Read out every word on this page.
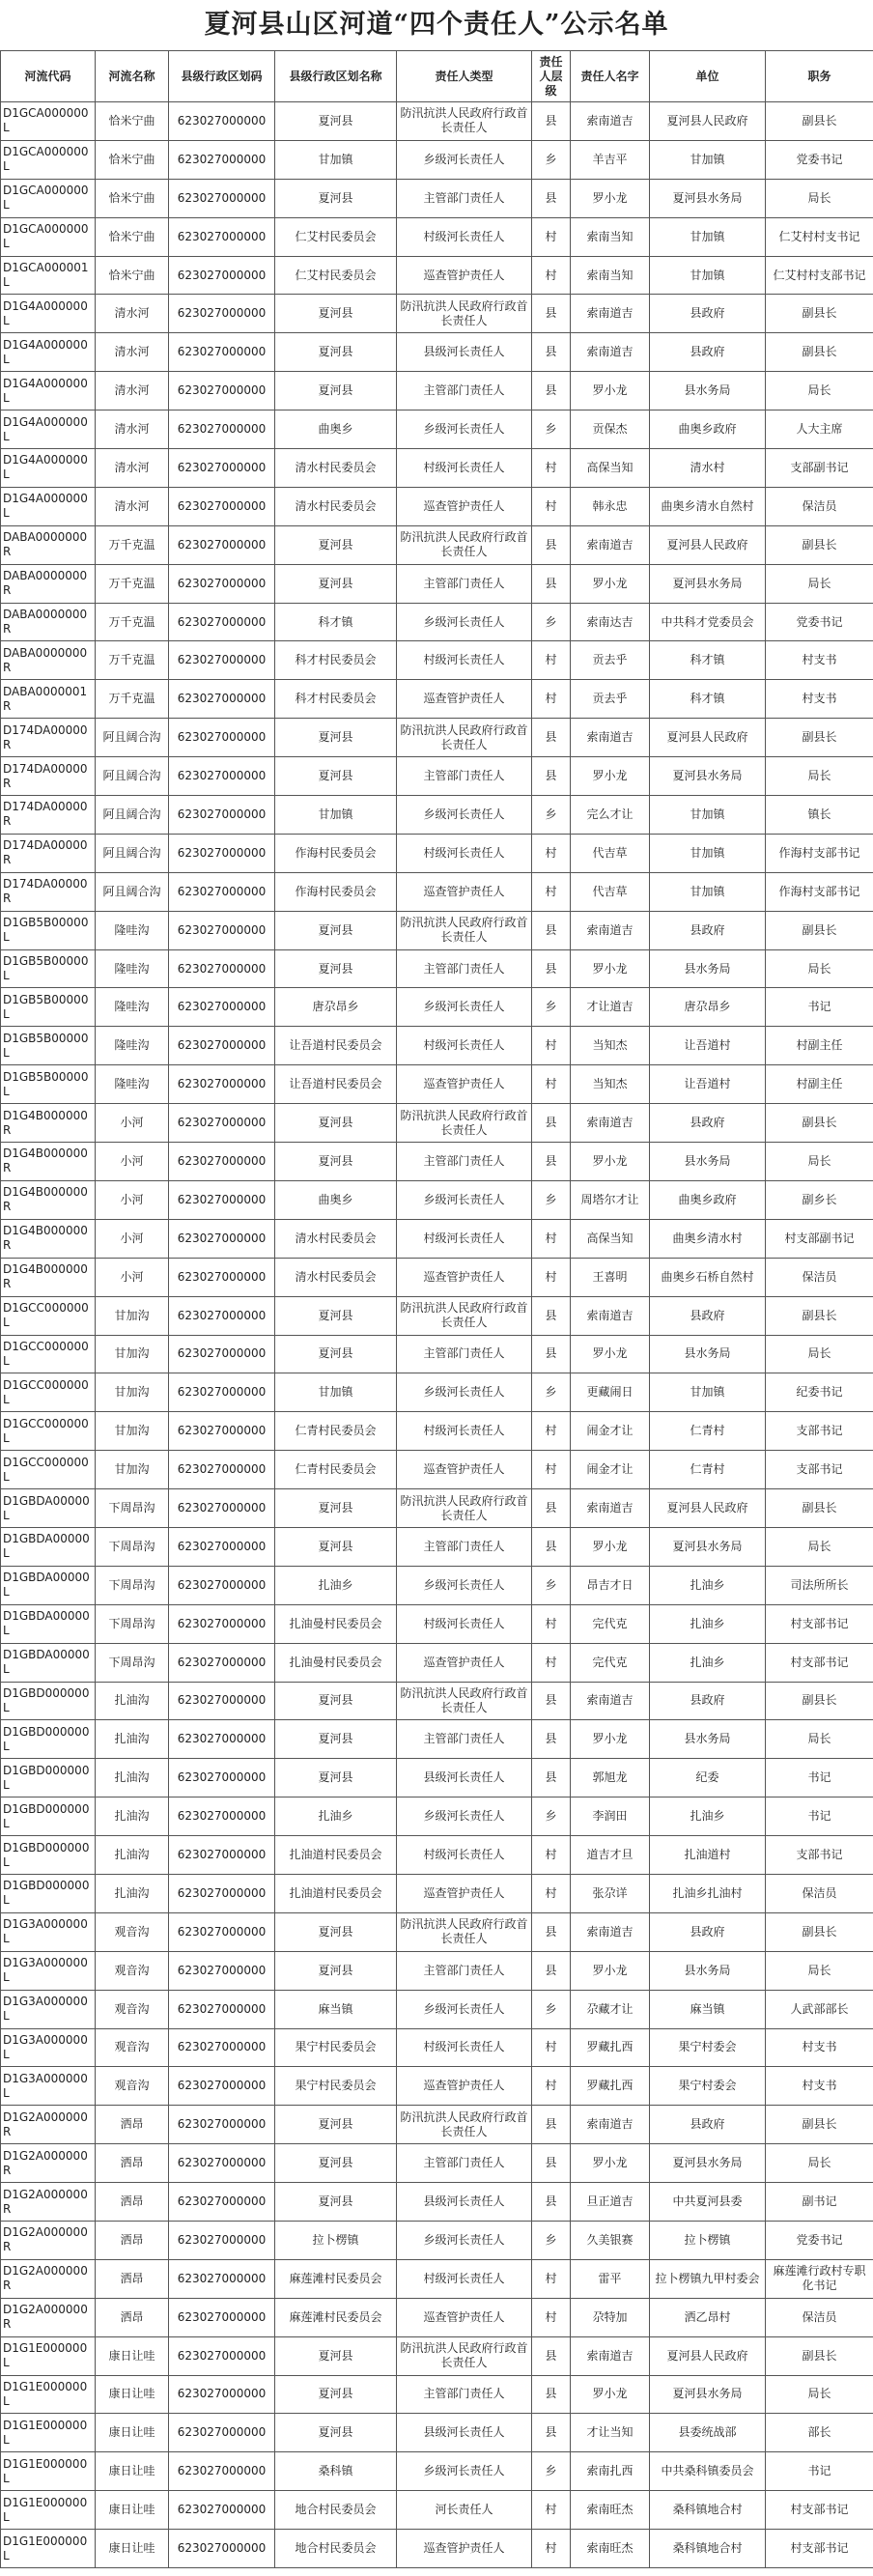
夏河县山区河道“四个责任人”公示名单
河流代码	河流名称	县级行政区划码	县级行政区划名称	责任人类型	责任人层级	责任人名字	单位	职务
D1GCA000000L	恰米宁曲	623027000000	夏河县	防汛抗洪人民政府行政首长责任人	县	索南道吉	夏河县人民政府	副县长
D1GCA000000L	恰米宁曲	623027000000	甘加镇	乡级河长责任人	乡	羊吉平	甘加镇	党委书记
D1GCA000000L	恰米宁曲	623027000000	夏河县	主管部门责任人	县	罗小龙	夏河县水务局	局长
D1GCA000000L	恰米宁曲	623027000000	仁艾村民委员会	村级河长责任人	村	索南当知	甘加镇	仁艾村村支书记
D1GCA000001L	恰米宁曲	623027000000	仁艾村民委员会	巡查管护责任人	村	索南当知	甘加镇	仁艾村村支部书记
D1G4A000000L	清水河	623027000000	夏河县	防汛抗洪人民政府行政首长责任人	县	索南道吉	县政府	副县长
D1G4A000000L	清水河	623027000000	夏河县	县级河长责任人	县	索南道吉	县政府	副县长
D1G4A000000L	清水河	623027000000	夏河县	主管部门责任人	县	罗小龙	县水务局	局长
D1G4A000000L	清水河	623027000000	曲奥乡	乡级河长责任人	乡	贡保杰	曲奥乡政府	人大主席
D1G4A000000L	清水河	623027000000	清水村民委员会	村级河长责任人	村	高保当知	清水村	支部副书记
D1G4A000000L	清水河	623027000000	清水村民委员会	巡查管护责任人	村	韩永忠	曲奥乡清水自然村	保洁员
DABA0000000R	万千克温	623027000000	夏河县	防汛抗洪人民政府行政首长责任人	县	索南道吉	夏河县人民政府	副县长
DABA0000000R	万千克温	623027000000	夏河县	主管部门责任人	县	罗小龙	夏河县水务局	局长
DABA0000000R	万千克温	623027000000	科才镇	乡级河长责任人	乡	索南达吉	中共科才党委员会	党委书记
DABA0000000R	万千克温	623027000000	科才村民委员会	村级河长责任人	村	贡去乎	科才镇	村支书
DABA0000001R	万千克温	623027000000	科才村民委员会	巡查管护责任人	村	贡去乎	科才镇	村支书
D174DA00000R	阿且阔合沟	623027000000	夏河县	防汛抗洪人民政府行政首长责任人	县	索南道吉	夏河县人民政府	副县长
D174DA00000R	阿且阔合沟	623027000000	夏河县	主管部门责任人	县	罗小龙	夏河县水务局	局长
D174DA00000R	阿且阔合沟	623027000000	甘加镇	乡级河长责任人	乡	完么才让	甘加镇	镇长
D174DA00000R	阿且阔合沟	623027000000	作海村民委员会	村级河长责任人	村	代吉草	甘加镇	作海村支部书记
D174DA00000R	阿且阔合沟	623027000000	作海村民委员会	巡查管护责任人	村	代吉草	甘加镇	作海村支部书记
D1GB5B00000L	隆哇沟	623027000000	夏河县	防汛抗洪人民政府行政首长责任人	县	索南道吉	县政府	副县长
D1GB5B00000L	隆哇沟	623027000000	夏河县	主管部门责任人	县	罗小龙	县水务局	局长
D1GB5B00000L	隆哇沟	623027000000	唐尕昂乡	乡级河长责任人	乡	才让道吉	唐尕昂乡	书记
D1GB5B00000L	隆哇沟	623027000000	让吾道村民委员会	村级河长责任人	村	当知杰	让吾道村	村副主任
D1GB5B00000L	隆哇沟	623027000000	让吾道村民委员会	巡查管护责任人	村	当知杰	让吾道村	村副主任
D1G4B000000R	小河	623027000000	夏河县	防汛抗洪人民政府行政首长责任人	县	索南道吉	县政府	副县长
D1G4B000000R	小河	623027000000	夏河县	主管部门责任人	县	罗小龙	县水务局	局长
D1G4B000000R	小河	623027000000	曲奥乡	乡级河长责任人	乡	周塔尔才让	曲奥乡政府	副乡长
D1G4B000000R	小河	623027000000	清水村民委员会	村级河长责任人	村	高保当知	曲奥乡清水村	村支部副书记
D1G4B000000R	小河	623027000000	清水村民委员会	巡查管护责任人	村	王喜明	曲奥乡石桥自然村	保洁员
D1GCC000000L	甘加沟	623027000000	夏河县	防汛抗洪人民政府行政首长责任人	县	索南道吉	县政府	副县长
D1GCC000000L	甘加沟	623027000000	夏河县	主管部门责任人	县	罗小龙	县水务局	局长
D1GCC000000L	甘加沟	623027000000	甘加镇	乡级河长责任人	乡	更藏闹日	甘加镇	纪委书记
D1GCC000000L	甘加沟	623027000000	仁青村民委员会	村级河长责任人	村	闹金才让	仁青村	支部书记
D1GCC000000L	甘加沟	623027000000	仁青村民委员会	巡查管护责任人	村	闹金才让	仁青村	支部书记
D1GBDA00000L	下周昂沟	623027000000	夏河县	防汛抗洪人民政府行政首长责任人	县	索南道吉	夏河县人民政府	副县长
D1GBDA00000L	下周昂沟	623027000000	夏河县	主管部门责任人	县	罗小龙	夏河县水务局	局长
D1GBDA00000L	下周昂沟	623027000000	扎油乡	乡级河长责任人	乡	昂吉才日	扎油乡	司法所所长
D1GBDA00000L	下周昂沟	623027000000	扎油曼村民委员会	村级河长责任人	村	完代克	扎油乡	村支部书记
D1GBDA00000L	下周昂沟	623027000000	扎油曼村民委员会	巡查管护责任人	村	完代克	扎油乡	村支部书记
D1GBD000000L	扎油沟	623027000000	夏河县	防汛抗洪人民政府行政首长责任人	县	索南道吉	县政府	副县长
D1GBD000000L	扎油沟	623027000000	夏河县	主管部门责任人	县	罗小龙	县水务局	局长
D1GBD000000L	扎油沟	623027000000	夏河县	县级河长责任人	县	郭旭龙	纪委	书记
D1GBD000000L	扎油沟	623027000000	扎油乡	乡级河长责任人	乡	李润田	扎油乡	书记
D1GBD000000L	扎油沟	623027000000	扎油道村民委员会	村级河长责任人	村	道吉才旦	扎油道村	支部书记
D1GBD000000L	扎油沟	623027000000	扎油道村民委员会	巡查管护责任人	村	张尕详	扎油乡扎油村	保洁员
D1G3A000000L	观音沟	623027000000	夏河县	防汛抗洪人民政府行政首长责任人	县	索南道吉	县政府	副县长
D1G3A000000L	观音沟	623027000000	夏河县	主管部门责任人	县	罗小龙	县水务局	局长
D1G3A000000L	观音沟	623027000000	麻当镇	乡级河长责任人	乡	尕藏才让	麻当镇	人武部部长
D1G3A000000L	观音沟	623027000000	果宁村民委员会	村级河长责任人	村	罗藏扎西	果宁村委会	村支书
D1G3A000000L	观音沟	623027000000	果宁村民委员会	巡查管护责任人	村	罗藏扎西	果宁村委会	村支书
D1G2A000000R	洒昂	623027000000	夏河县	防汛抗洪人民政府行政首长责任人	县	索南道吉	县政府	副县长
D1G2A000000R	洒昂	623027000000	夏河县	主管部门责任人	县	罗小龙	夏河县水务局	局长
D1G2A000000R	洒昂	623027000000	夏河县	县级河长责任人	县	旦正道吉	中共夏河县委	副书记
D1G2A000000R	洒昂	623027000000	拉卜楞镇	乡级河长责任人	乡	久美银赛	拉卜楞镇	党委书记
D1G2A000000R	洒昂	623027000000	麻莲滩村民委员会	村级河长责任人	村	雷平	拉卜楞镇九甲村委会	麻莲滩行政村专职化书记
D1G2A000000R	洒昂	623027000000	麻莲滩村民委员会	巡查管护责任人	村	尕特加	洒乙昂村	保洁员
D1G1E000000L	康日让哇	623027000000	夏河县	防汛抗洪人民政府行政首长责任人	县	索南道吉	夏河县人民政府	副县长
D1G1E000000L	康日让哇	623027000000	夏河县	主管部门责任人	县	罗小龙	夏河县水务局	局长
D1G1E000000L	康日让哇	623027000000	夏河县	县级河长责任人	县	才让当知	县委统战部	部长
D1G1E000000L	康日让哇	623027000000	桑科镇	乡级河长责任人	乡	索南扎西	中共桑科镇委员会	书记
D1G1E000000L	康日让哇	623027000000	地合村民委员会	河长责任人	村	索南旺杰	桑科镇地合村	村支部书记
D1G1E000000L	康日让哇	623027000000	地合村民委员会	巡查管护责任人	村	索南旺杰	桑科镇地合村	村支部书记
